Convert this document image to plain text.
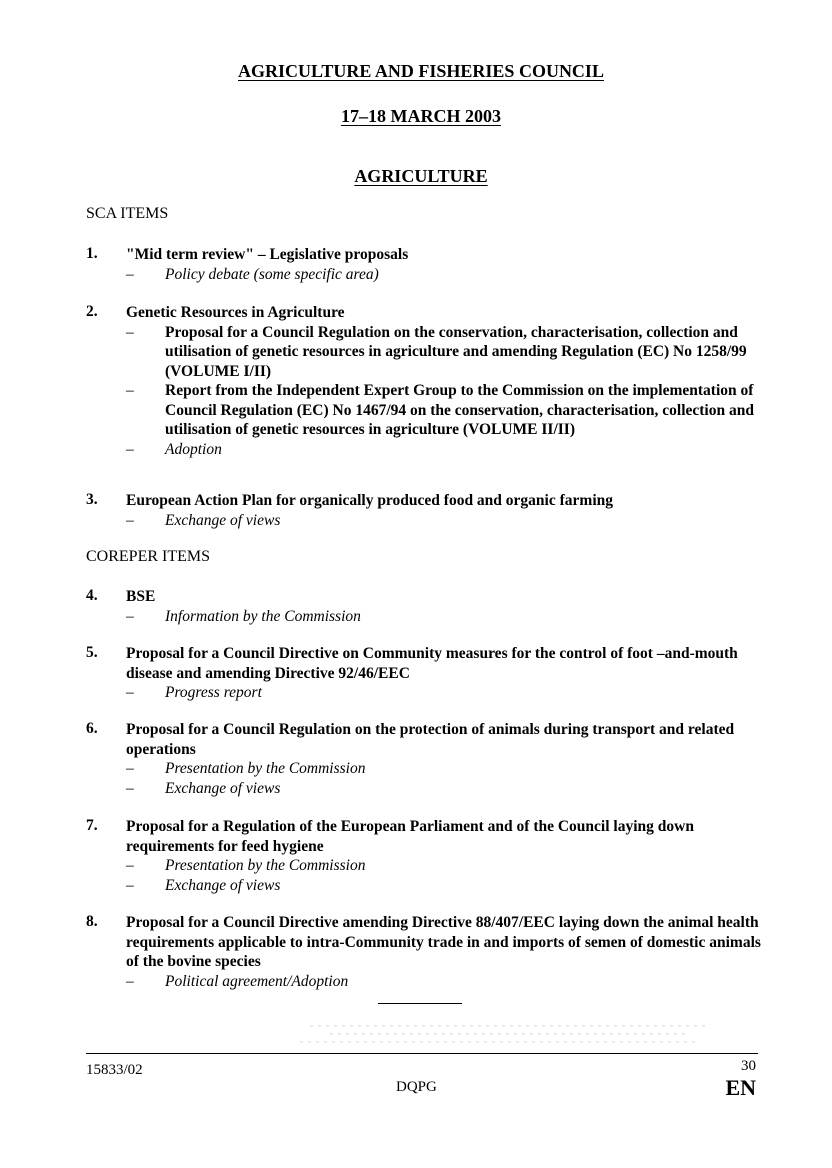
AGRICULTURE AND FISHERIES COUNCIL
17–18 MARCH 2003
AGRICULTURE
SCA ITEMS
1. "Mid term review" – Legislative proposals
–	Policy debate (some specific area)
2. Genetic Resources in Agriculture
–	Proposal for a Council Regulation on the conservation, characterisation, collection and utilisation of genetic resources in agriculture and amending Regulation (EC) No 1258/99 (VOLUME I/II)
–	Report from the Independent Expert Group to the Commission on the implementation of Council Regulation (EC) No 1467/94 on the conservation, characterisation, collection and utilisation of genetic resources in agriculture (VOLUME II/II)
–	Adoption
3. European Action Plan for organically produced food and organic farming
–	Exchange of views
COREPER ITEMS
4. BSE
–	Information by the Commission
5. Proposal for a Council Directive on Community measures for the control of foot –and-mouth disease and amending Directive 92/46/EEC
–	Progress report
6. Proposal for a Council Regulation on the protection of animals during transport and related operations
–	Presentation by the Commission
–	Exchange of views
7. Proposal for a Regulation of the European Parliament and of the Council laying down requirements for feed hygiene
–	Presentation by the Commission
–	Exchange of views
8. Proposal for a Council Directive amending Directive 88/407/EEC laying down the animal health requirements applicable to intra-Community trade in and imports of semen of domestic animals of the bovine species
–	Political agreement/Adoption
15833/02	30
DQPG	EN
